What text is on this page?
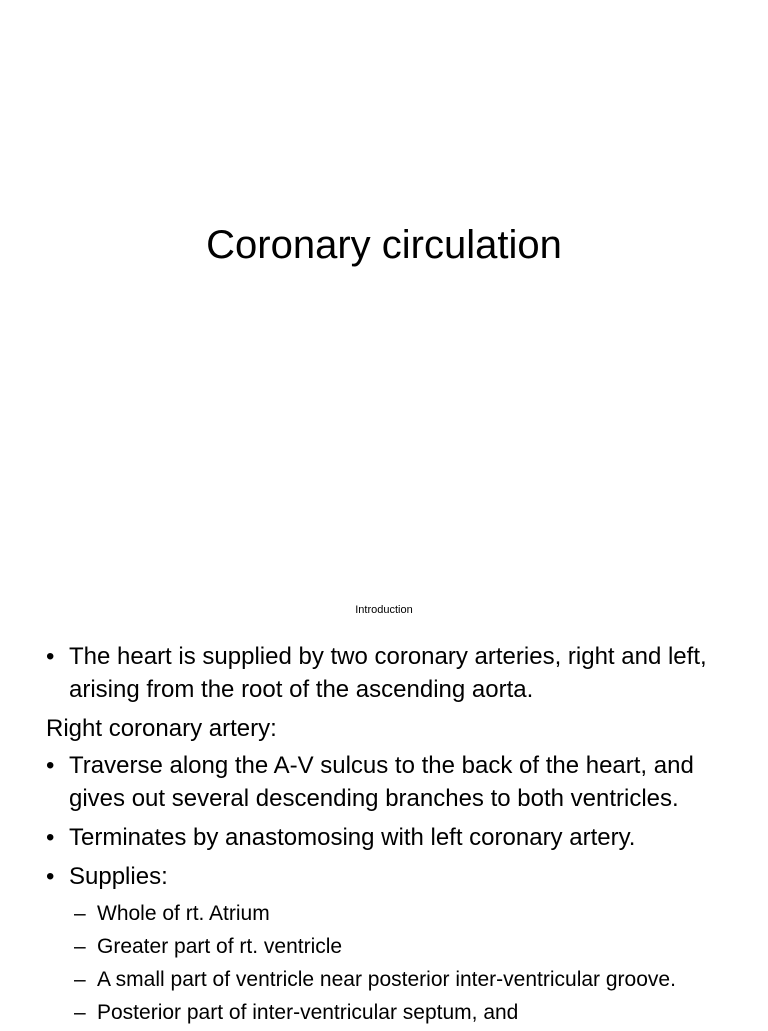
Coronary circulation
Introduction
• The heart is supplied by two coronary arteries, right and left, arising from the root of the ascending aorta.
Right coronary artery:
• Traverse along the A-V sulcus to the back of the heart, and gives out several descending branches to both ventricles.
• Terminates by anastomosing with left coronary artery.
• Supplies:
– Whole of rt. Atrium
– Greater part of rt. ventricle
– A small part of ventricle near posterior inter-ventricular groove.
– Posterior part of inter-ventricular septum, and
